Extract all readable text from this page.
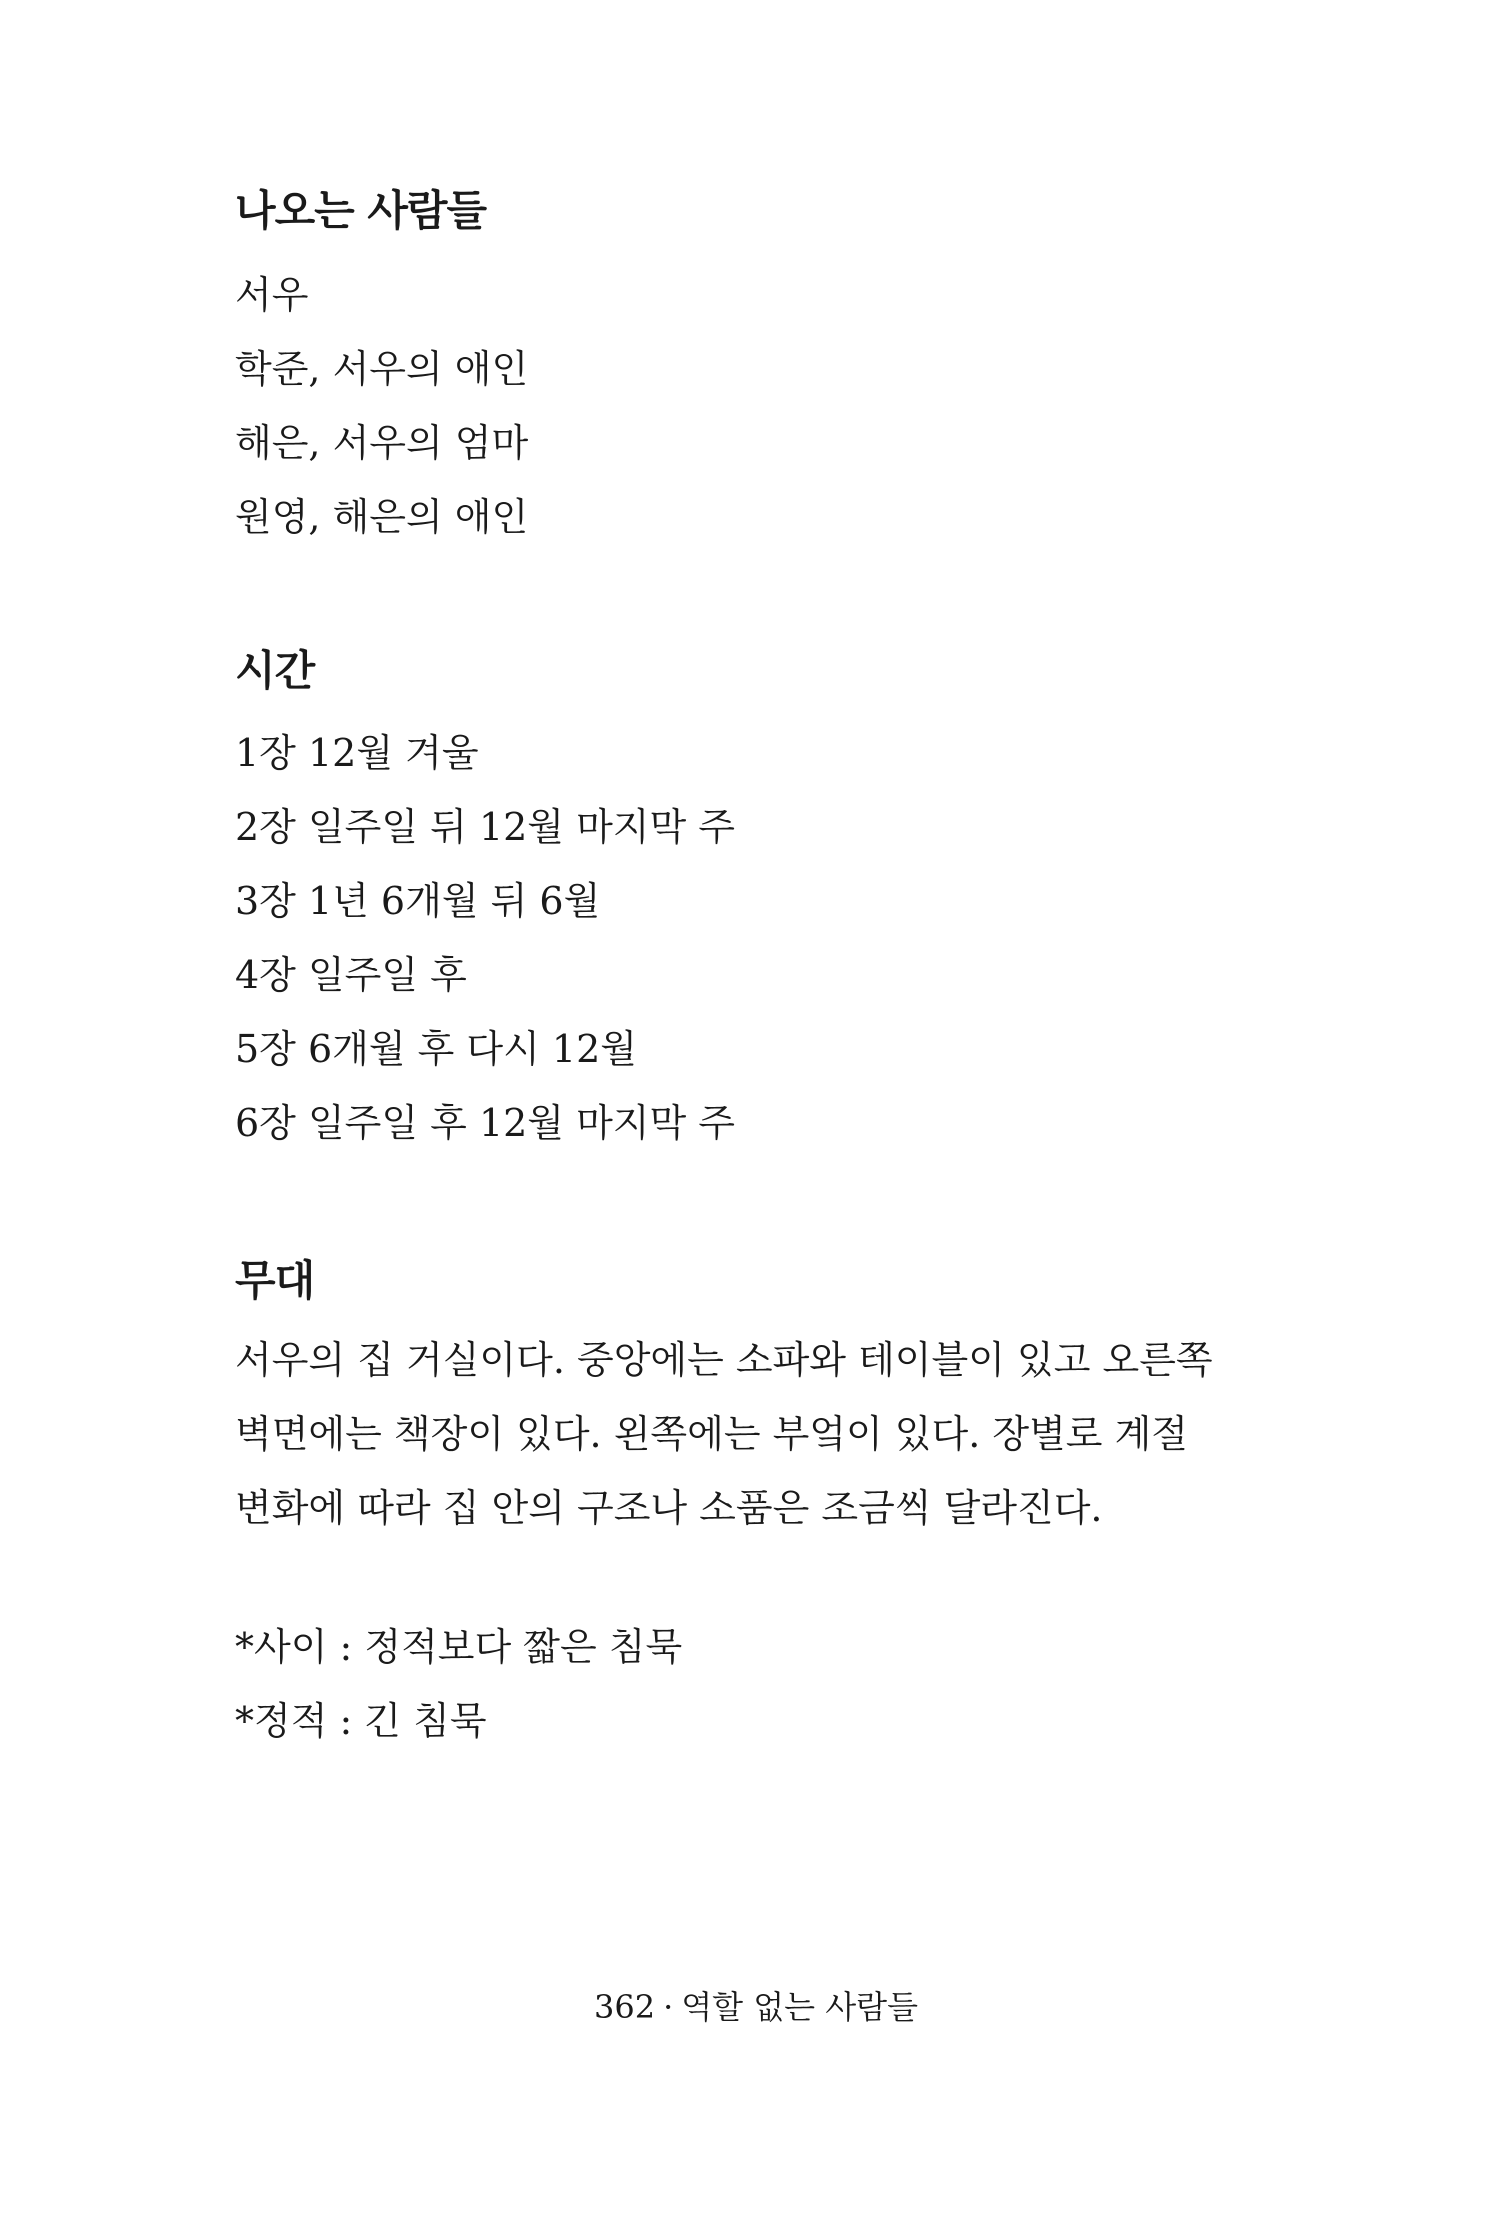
나오는 사람들
서우
학준, 서우의 애인
해은, 서우의 엄마
원영, 해은의 애인
시간
1장 12월 겨울
2장 일주일 뒤 12월 마지막 주
3장 1년 6개월 뒤 6월
4장 일주일 후
5장 6개월 후 다시 12월
6장 일주일 후 12월 마지막 주
무대

서우의 집 거실이다. 중앙에는 소파와 테이블이 있고 오른쪽 벽면에는 책장이 있다. 왼쪽에는 부엌이 있다. 장별로 계절 변화에 따라 집 안의 구조나 소품은 조금씩 달라진다.

*사이 : 정적보다 짧은 침묵
*정적 : 긴 침묵
362 · 역할 없는 사람들
